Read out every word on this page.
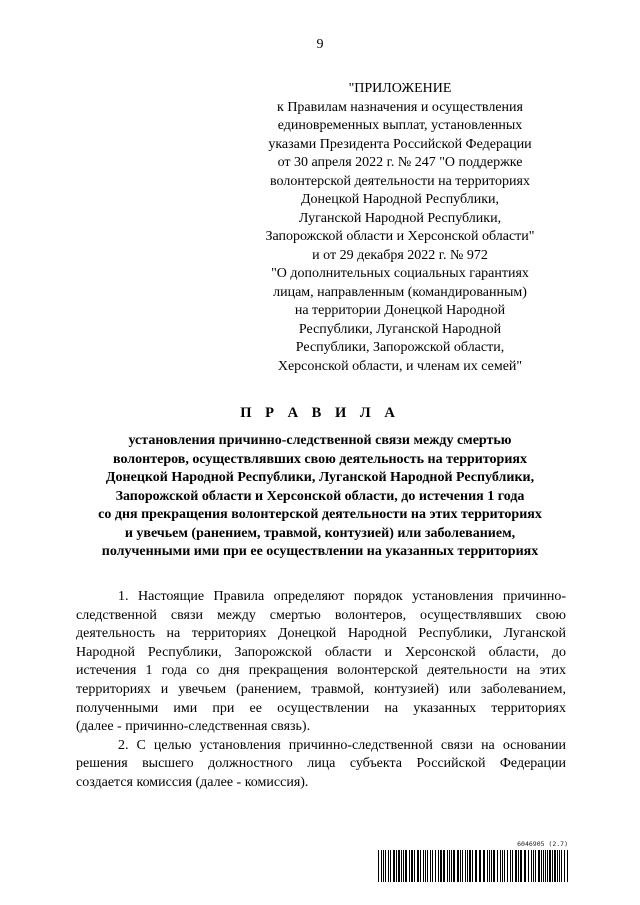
9
"ПРИЛОЖЕНИЕ
к Правилам назначения и осуществления
единовременных выплат, установленных
указами Президента Российской Федерации
от 30 апреля 2022 г. № 247 "О поддержке
волонтерской деятельности на территориях
Донецкой Народной Республики,
Луганской Народной Республики,
Запорожской области и Херсонской области"
и от 29 декабря 2022 г. № 972
"О дополнительных социальных гарантиях
лицам, направленным (командированным)
на территории Донецкой Народной
Республики, Луганской Народной
Республики, Запорожской области,
Херсонской области, и членам их семей"
П Р А В И Л А
установления причинно-следственной связи между смертью
волонтеров, осуществлявших свою деятельность на территориях
Донецкой Народной Республики, Луганской Народной Республики,
Запорожской области и Херсонской области, до истечения 1 года
со дня прекращения волонтерской деятельности на этих территориях
и увечьем (ранением, травмой, контузией) или заболеванием,
полученными ими при ее осуществлении на указанных территориях
1. Настоящие Правила определяют порядок установления причинно-
следственной связи между смертью волонтеров, осуществлявших свою
деятельность на территориях Донецкой Народной Республики, Луганской
Народной Республики, Запорожской области и Херсонской области, до
истечения 1 года со дня прекращения волонтерской деятельности на этих
территориях и увечьем (ранением, травмой, контузией) или заболеванием,
полученными ими при ее осуществлении на указанных территориях
(далее - причинно-следственная связь).
2. С целью установления причинно-следственной связи на основании
решения высшего должностного лица субъекта Российской Федерации
создается комиссия (далее - комиссия).
6046905 (2.7)
